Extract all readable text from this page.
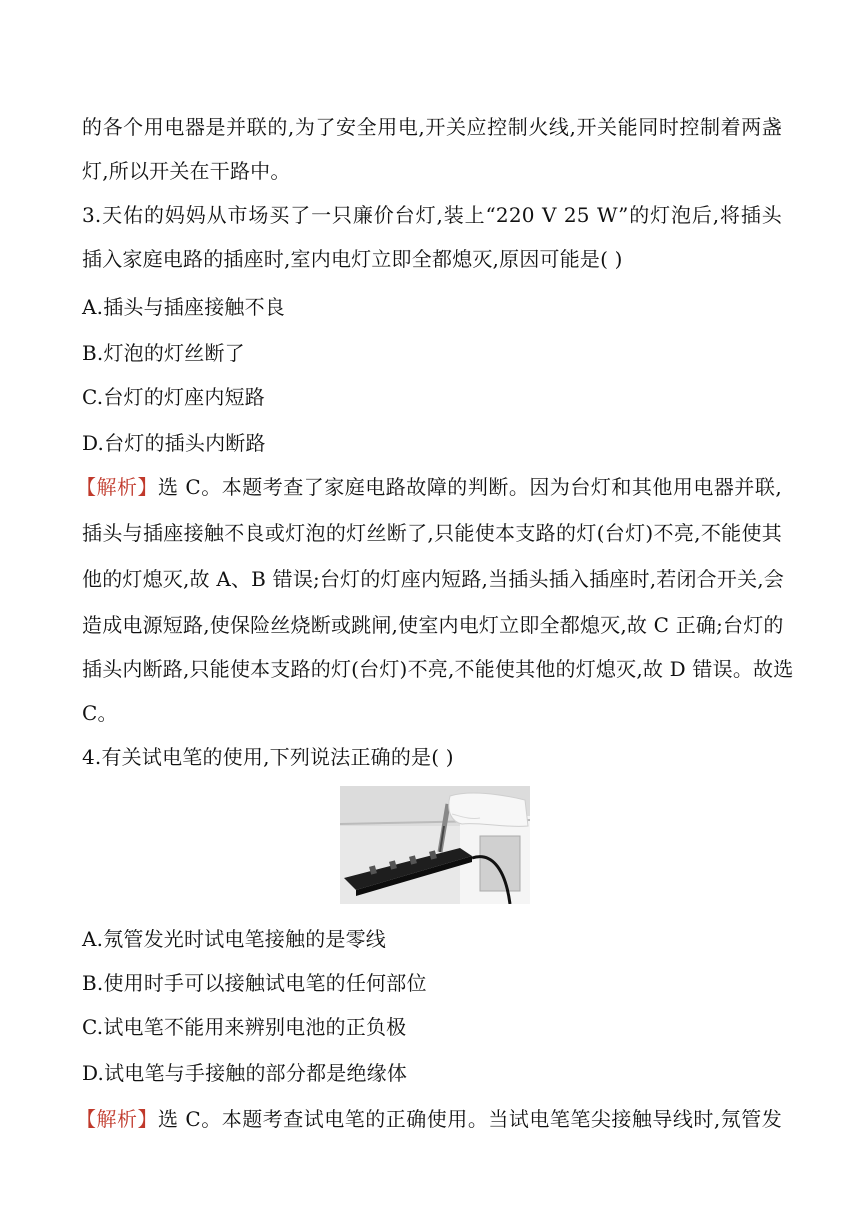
的各个用电器是并联的,为了安全用电,开关应控制火线,开关能同时控制着两盏
灯,所以开关在干路中。
3.天佑的妈妈从市场买了一只廉价台灯,装上“220 V 25 W”的灯泡后,将插头
插入家庭电路的插座时,室内电灯立即全都熄灭,原因可能是( )
A.插头与插座接触不良
B.灯泡的灯丝断了
C.台灯的灯座内短路
D.台灯的插头内断路
【解析】选 C。本题考查了家庭电路故障的判断。因为台灯和其他用电器并联,
插头与插座接触不良或灯泡的灯丝断了,只能使本支路的灯(台灯)不亮,不能使其
他的灯熄灭,故 A、B 错误;台灯的灯座内短路,当插头插入插座时,若闭合开关,会
造成电源短路,使保险丝烧断或跳闸,使室内电灯立即全都熄灭,故 C 正确;台灯的
插头内断路,只能使本支路的灯(台灯)不亮,不能使其他的灯熄灭,故 D 错误。故选
C。
4.有关试电笔的使用,下列说法正确的是( )
A.氖管发光时试电笔接触的是零线
B.使用时手可以接触试电笔的任何部位
C.试电笔不能用来辨别电池的正负极
D.试电笔与手接触的部分都是绝缘体
【解析】选 C。本题考查试电笔的正确使用。当试电笔笔尖接触导线时,氖管发
